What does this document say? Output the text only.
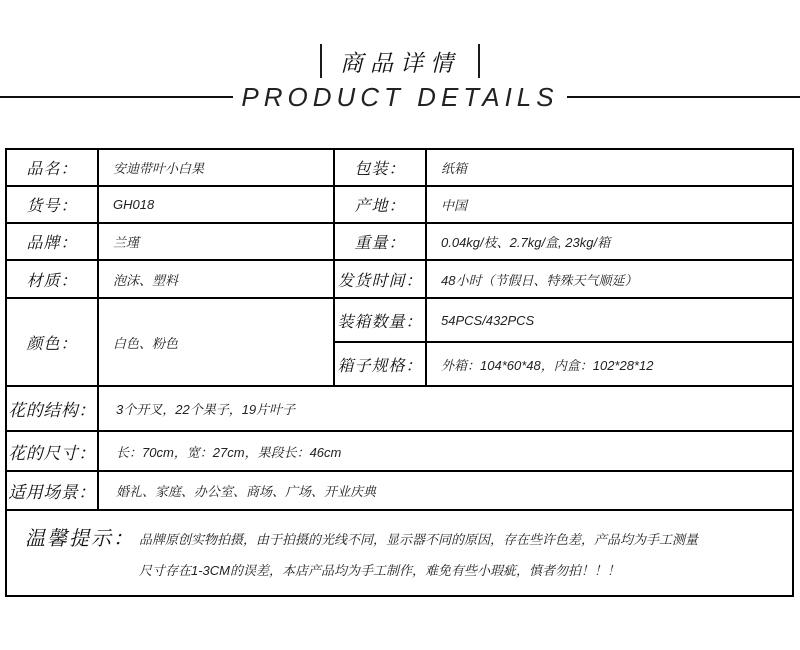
商品详情
PRODUCT DETAILS
品名：	安迪带叶小白果	包装：	纸箱
货号：	GH018	产地：	中国
品牌：	兰瑾	重量：	0.04kg/枝、2.7kg/盒, 23kg/箱
材质：	泡沫、塑料	发货时间：	48小时（节假日、特殊天气顺延）
颜色：	白色、粉色
装箱数量：	54PCS/432PCS
箱子规格：	外箱：104*60*48，内盒：102*28*12
花的结构：	3个开叉，22个果子，19片叶子
花的尺寸：	长：70cm，宽：27cm，果段长：46cm
适用场景：	婚礼、家庭、办公室、商场、广场、开业庆典
温馨提示： 品牌原创实物拍摄，由于拍摄的光线不同，显示器不同的原因，存在些许色差，产品均为手工测量
尺寸存在1-3CM的误差，本店产品均为手工制作，难免有些小瑕疵，慎者勿拍！！！
